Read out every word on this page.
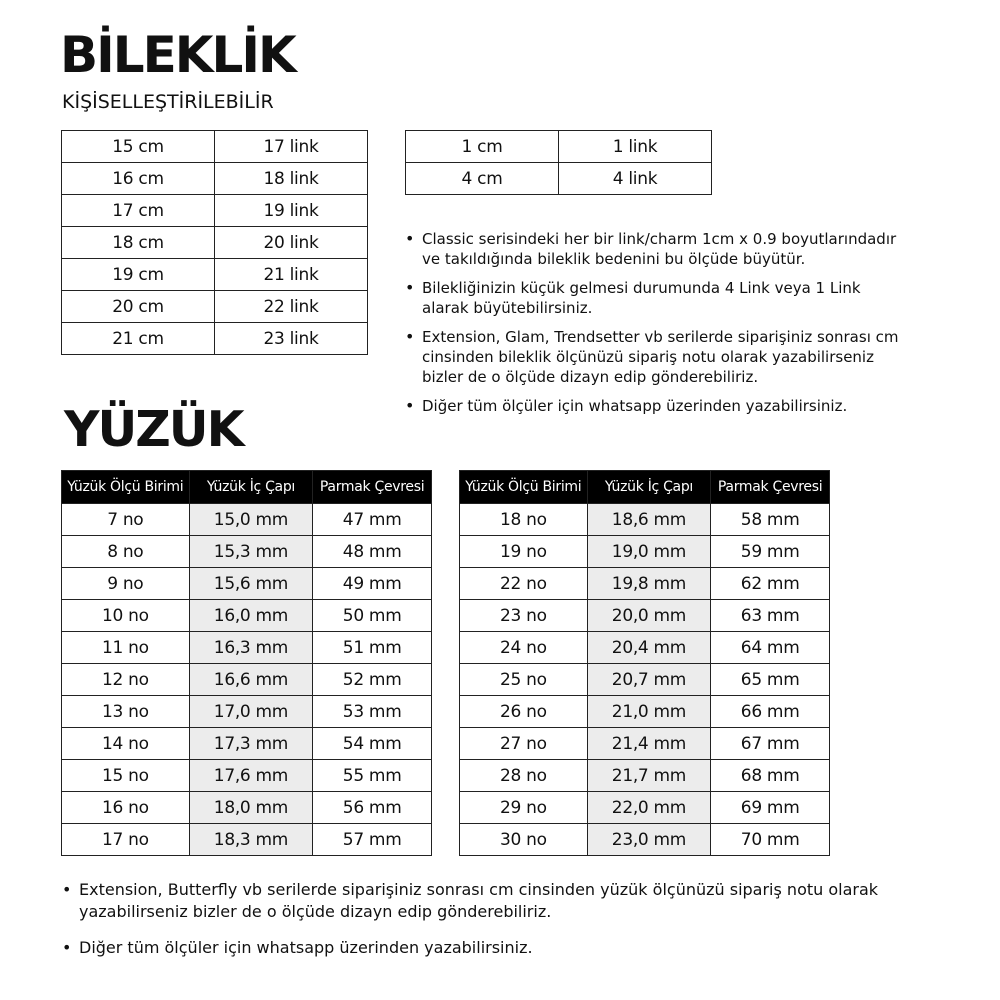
BİLEKLİK
KİŞİSELLEŞTİRİLEBİLİR
15 cm	17 link
16 cm	18 link
17 cm	19 link
18 cm	20 link
19 cm	21 link
20 cm	22 link
21 cm	23 link
1 cm	1 link
4 cm	4 link
• Classic serisindeki her bir link/charm 1cm x 0.9 boyutlarındadır ve takıldığında bileklik bedenini bu ölçüde büyütür.
• Bilekliğinizin küçük gelmesi durumunda 4 Link veya 1 Link alarak büyütebilirsiniz.
• Extension, Glam, Trendsetter vb serilerde siparişiniz sonrası cm cinsinden bileklik ölçünüzü sipariş notu olarak yazabilirseniz bizler de o ölçüde dizayn edip gönderebiliriz.
• Diğer tüm ölçüler için whatsapp üzerinden yazabilirsiniz.
YÜZÜK
Yüzük Ölçü Birimi	Yüzük İç Çapı	Parmak Çevresi
7 no	15,0 mm	47 mm
8 no	15,3 mm	48 mm
9 no	15,6 mm	49 mm
10 no	16,0 mm	50 mm
11 no	16,3 mm	51 mm
12 no	16,6 mm	52 mm
13 no	17,0 mm	53 mm
14 no	17,3 mm	54 mm
15 no	17,6 mm	55 mm
16 no	18,0 mm	56 mm
17 no	18,3 mm	57 mm
Yüzük Ölçü Birimi	Yüzük İç Çapı	Parmak Çevresi
18 no	18,6 mm	58 mm
19 no	19,0 mm	59 mm
22 no	19,8 mm	62 mm
23 no	20,0 mm	63 mm
24 no	20,4 mm	64 mm
25 no	20,7 mm	65 mm
26 no	21,0 mm	66 mm
27 no	21,4 mm	67 mm
28 no	21,7 mm	68 mm
29 no	22,0 mm	69 mm
30 no	23,0 mm	70 mm
• Extension, Butterfly vb serilerde siparişiniz sonrası cm cinsinden yüzük ölçünüzü sipariş notu olarak yazabilirseniz bizler de o ölçüde dizayn edip gönderebiliriz.
• Diğer tüm ölçüler için whatsapp üzerinden yazabilirsiniz.
